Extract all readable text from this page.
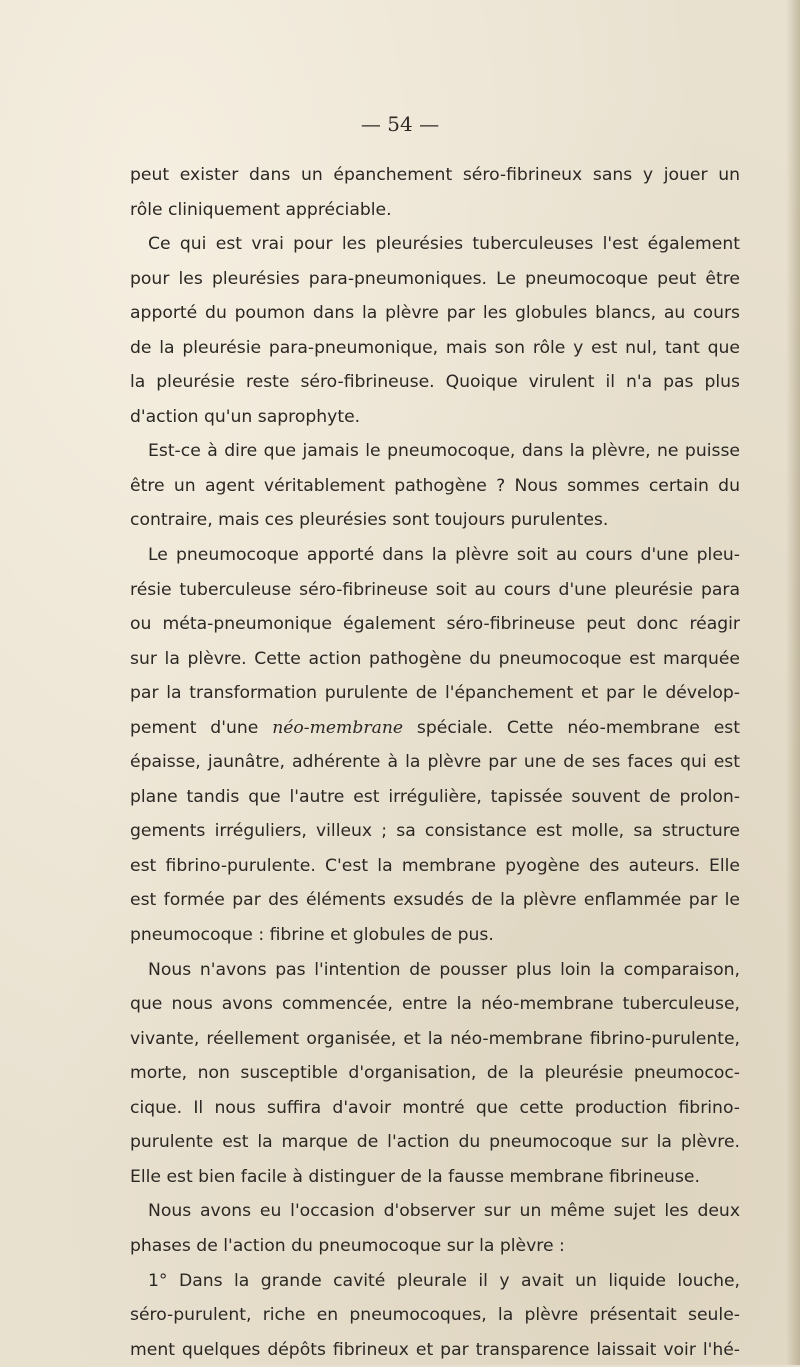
— 54 —
peut exister dans un épanchement séro-fibrineux sans y jouer un
rôle cliniquement appréciable.
Ce qui est vrai pour les pleurésies tuberculeuses l'est également
pour les pleurésies para-pneumoniques. Le pneumocoque peut être
apporté du poumon dans la plèvre par les globules blancs, au cours
de la pleurésie para-pneumonique, mais son rôle y est nul, tant que
la pleurésie reste séro-fibrineuse. Quoique virulent il n'a pas plus
d'action qu'un saprophyte.
Est-ce à dire que jamais le pneumocoque, dans la plèvre, ne puisse
être un agent véritablement pathogène ? Nous sommes certain du
contraire, mais ces pleurésies sont toujours purulentes.
Le pneumocoque apporté dans la plèvre soit au cours d'une pleu-
résie tuberculeuse séro-fibrineuse soit au cours d'une pleurésie para
ou méta-pneumonique également séro-fibrineuse peut donc réagir
sur la plèvre. Cette action pathogène du pneumocoque est marquée
par la transformation purulente de l'épanchement et par le dévelop-
pement d'une néo-membrane spéciale. Cette néo-membrane est
épaisse, jaunâtre, adhérente à la plèvre par une de ses faces qui est
plane tandis que l'autre est irrégulière, tapissée souvent de prolon-
gements irréguliers, villeux ; sa consistance est molle, sa structure
est fibrino-purulente. C'est la membrane pyogène des auteurs. Elle
est formée par des éléments exsudés de la plèvre enflammée par le
pneumocoque : fibrine et globules de pus.
Nous n'avons pas l'intention de pousser plus loin la comparaison,
que nous avons commencée, entre la néo-membrane tuberculeuse,
vivante, réellement organisée, et la néo-membrane fibrino-purulente,
morte, non susceptible d'organisation, de la pleurésie pneumococ-
cique. Il nous suffira d'avoir montré que cette production fibrino-
purulente est la marque de l'action du pneumocoque sur la plèvre.
Elle est bien facile à distinguer de la fausse membrane fibrineuse.
Nous avons eu l'occasion d'observer sur un même sujet les deux
phases de l'action du pneumocoque sur la plèvre :
1° Dans la grande cavité pleurale il y avait un liquide louche,
séro-purulent, riche en pneumocoques, la plèvre présentait seule-
ment quelques dépôts fibrineux et par transparence laissait voir l'hé-
